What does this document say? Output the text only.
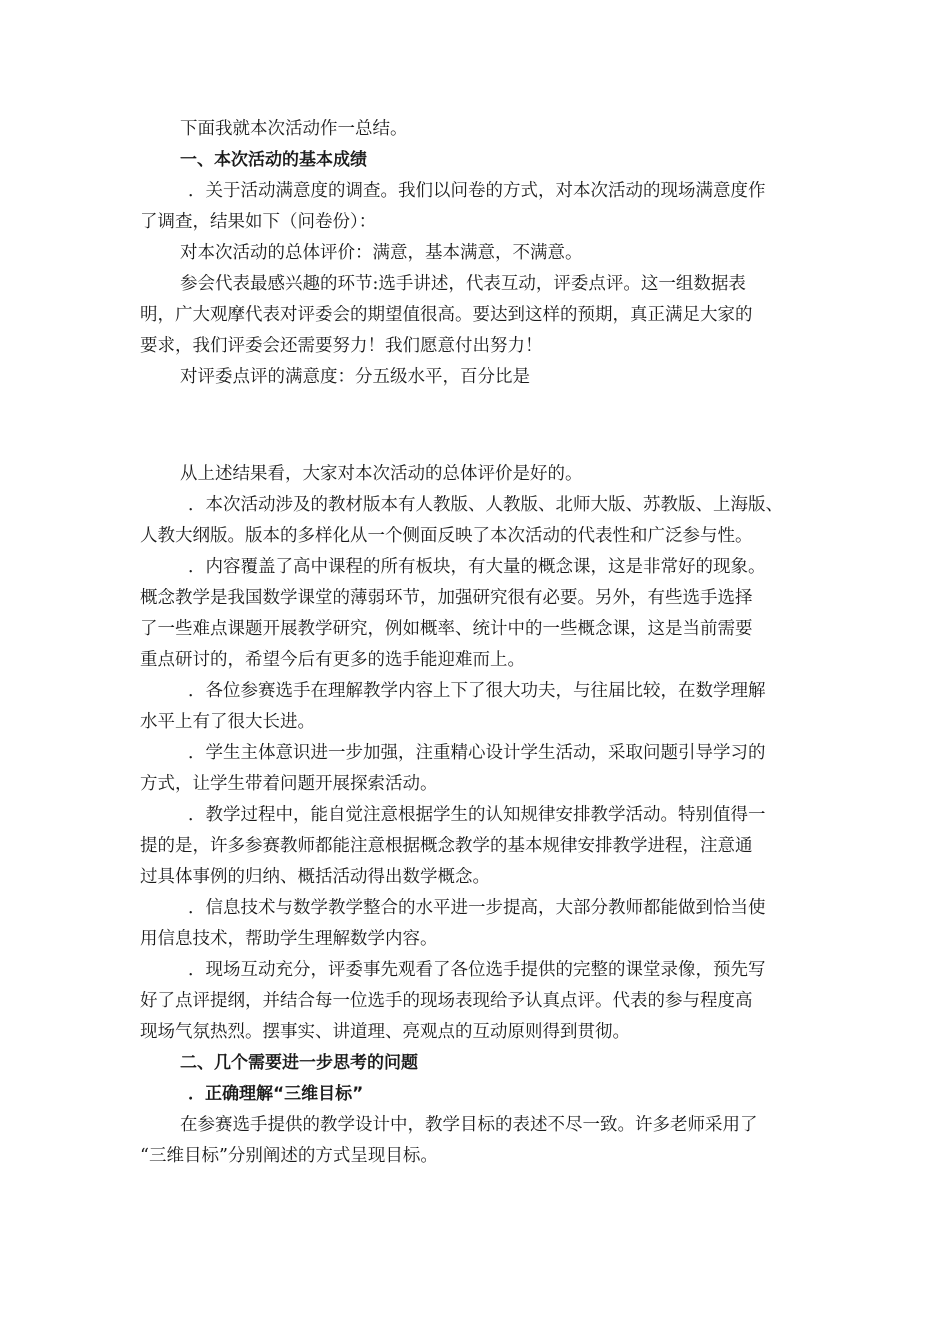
下面我就本次活动作一总结。
一、本次活动的基本成绩
．关于活动满意度的调查。我们以问卷的方式，对本次活动的现场满意度作
了调查，结果如下（问卷份）：
对本次活动的总体评价：满意，基本满意，不满意。
参会代表最感兴趣的环节:选手讲述，代表互动，评委点评。这一组数据表
明，广大观摩代表对评委会的期望值很高。要达到这样的预期，真正满足大家的
要求，我们评委会还需要努力！我们愿意付出努力！
对评委点评的满意度：分五级水平，百分比是
从上述结果看，大家对本次活动的总体评价是好的。
．本次活动涉及的教材版本有人教版、人教版、北师大版、苏教版、上海版、
人教大纲版。版本的多样化从一个侧面反映了本次活动的代表性和广泛参与性。
．内容覆盖了高中课程的所有板块，有大量的概念课，这是非常好的现象。
概念教学是我国数学课堂的薄弱环节，加强研究很有必要。另外，有些选手选择
了一些难点课题开展教学研究，例如概率、统计中的一些概念课，这是当前需要
重点研讨的，希望今后有更多的选手能迎难而上。
．各位参赛选手在理解教学内容上下了很大功夫，与往届比较，在数学理解
水平上有了很大长进。
．学生主体意识进一步加强，注重精心设计学生活动，采取问题引导学习的
方式，让学生带着问题开展探索活动。
．教学过程中，能自觉注意根据学生的认知规律安排教学活动。特别值得一
提的是，许多参赛教师都能注意根据概念教学的基本规律安排教学进程，注意通
过具体事例的归纳、概括活动得出数学概念。
．信息技术与数学教学整合的水平进一步提高，大部分教师都能做到恰当使
用信息技术，帮助学生理解数学内容。
．现场互动充分，评委事先观看了各位选手提供的完整的课堂录像，预先写
好了点评提纲，并结合每一位选手的现场表现给予认真点评。代表的参与程度高
现场气氛热烈。摆事实、讲道理、亮观点的互动原则得到贯彻。
二、几个需要进一步思考的问题
．正确理解“三维目标”
在参赛选手提供的教学设计中，教学目标的表述不尽一致。许多老师采用了
“三维目标”分别阐述的方式呈现目标。
